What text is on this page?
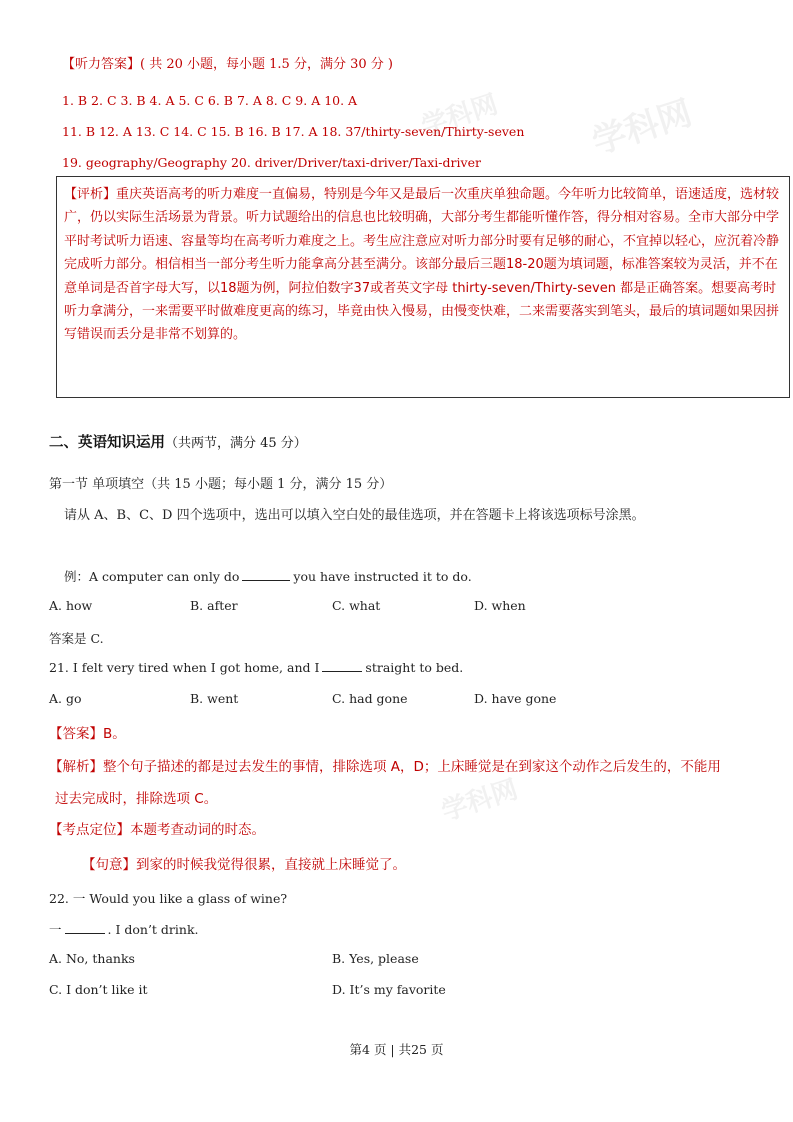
学科网
学科网
学科网
【听力答案】( 共 20 小题，每小题 1.5 分，满分 30 分 )
1. B 2. C 3. B 4. A 5. C 6. B 7. A 8. C 9. A 10. A
11. B 12. A 13. C 14. C 15. B 16. B 17. A 18. 37/thirty-seven/Thirty-seven
19. geography/Geography 20. driver/Driver/taxi-driver/Taxi-driver
【评析】重庆英语高考的听力难度一直偏易，特别是今年又是最后一次重庆单独命题。今年听力比较简单，语速适度，选材较广，仍以实际生活场景为背景。听力试题给出的信息也比较明确，大部分考生都能听懂作答，得分相对容易。全市大部分中学平时考试听力语速、容量等均在高考听力难度之上。考生应注意应对听力部分时要有足够的耐心，不宜掉以轻心，应沉着冷静完成听力部分。相信相当一部分考生听力能拿高分甚至满分。该部分最后三题18-20题为填词题，标准答案较为灵活，并不在意单词是否首字母大写，以18题为例，阿拉伯数字37或者英文字母 thirty-seven/Thirty-seven 都是正确答案。想要高考时听力拿满分，一来需要平时做难度更高的练习，毕竟由快入慢易，由慢变快难，二来需要落实到笔头，最后的填词题如果因拼写错误而丢分是非常不划算的。
二、英语知识运用（共两节，满分 45 分）
第一节 单项填空（共 15 小题；每小题 1 分，满分 15 分）
请从 A、B、C、D 四个选项中，选出可以填入空白处的最佳选项，并在答题卡上将该选项标号涂黑。
例：A computer can only do	you have instructed it to do.
A. how	B. after	C. what	D. when
答案是 C.
21. I felt very tired when I got home, and I	straight to bed.
A. go	B. went	C. had gone	D. have gone
【答案】B。
【解析】整个句子描述的都是过去发生的事情，排除选项 A，D；上床睡觉是在到家这个动作之后发生的，不能用
过去完成时，排除选项 C。
【考点定位】本题考查动词的时态。
【句意】到家的时候我觉得很累，直接就上床睡觉了。
22. 一 Would you like a glass of wine?
一	. I don’t drink.
A. No, thanks	B. Yes, please
C. I don’t like it	D. It’s my favorite
第4 页 | 共25 页
